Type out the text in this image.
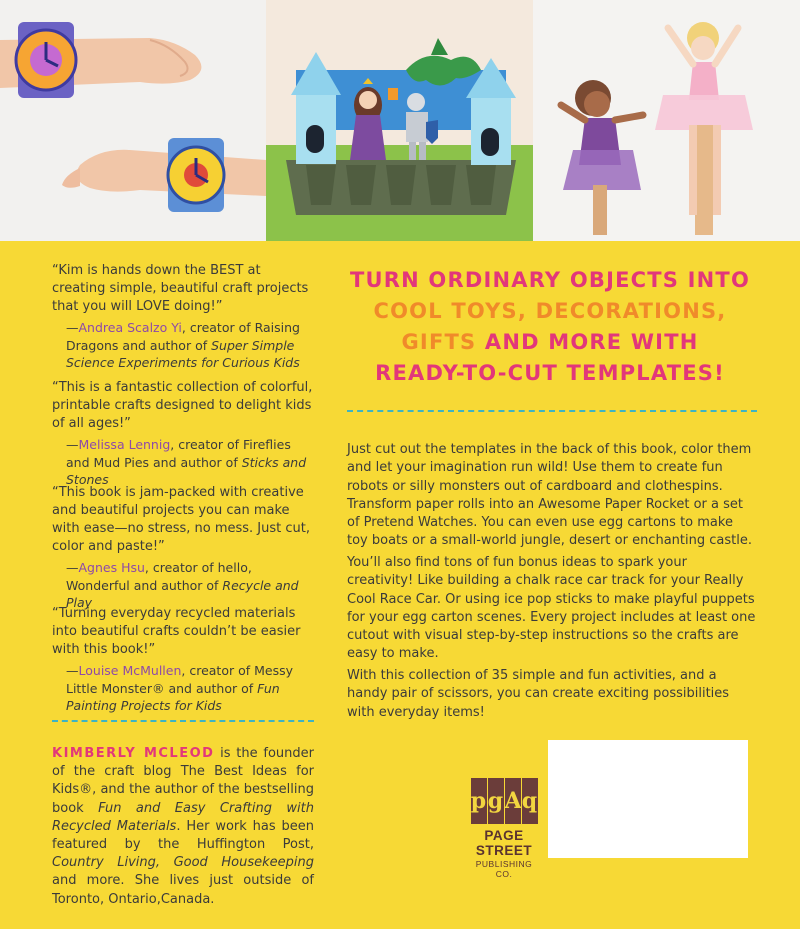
“Kim is hands down the BEST at creating simple, beautiful craft projects that you will LOVE doing!”

—Andrea Scalzo Yi, creator of Raising Dragons and author of Super Simple Science Experiments for Curious Kids

“This is a fantastic collection of colorful, printable crafts designed to delight kids of all ages!”

—Melissa Lennig, creator of Fireflies and Mud Pies and author of Sticks and Stones

“This book is jam-packed with creative and beautiful projects you can make with ease—no stress, no mess. Just cut, color and paste!”

—Agnes Hsu, creator of hello, Wonderful and author of Recycle and Play

“Turning everyday recycled materials into beautiful crafts couldn’t be easier with this book!”

—Louise McMullen, creator of Messy Little Monster® and author of Fun Painting Projects for Kids

KIMBERLY MCLEOD is the founder of the craft blog The Best Ideas for Kids®, and the author of the bestselling book Fun and Easy Crafting with Recycled Materials. Her work has been featured by the Huffington Post, Country Living, Good Housekeeping and more. She lives just outside of Toronto, Ontario,Canada.

TURN ORDINARY OBJECTS INTO
COOL TOYS, DECORATIONS,
GIFTS AND MORE WITH
READY-TO-CUT TEMPLATES!

Just cut out the templates in the back of this book, color them and let your imagination run wild! Use them to create fun robots or silly monsters out of cardboard and clothespins. Transform paper rolls into an Awesome Paper Rocket or a set of Pretend Watches. You can even use egg cartons to make toy boats or a small-world jungle, desert or enchanting castle.

You’ll also find tons of fun bonus ideas to spark your creativity! Like building a chalk race car track for your Really Cool Race Car. Or using ice pop sticks to make playful puppets for your egg carton scenes. Every project includes at least one cutout with visual step-by-step instructions so the crafts are easy to make.

With this collection of 35 simple and fun activities, and a handy pair of scissors, you can create exciting possibilities with everyday items!

p g A q
PAGE STREET
PUBLISHING CO.
